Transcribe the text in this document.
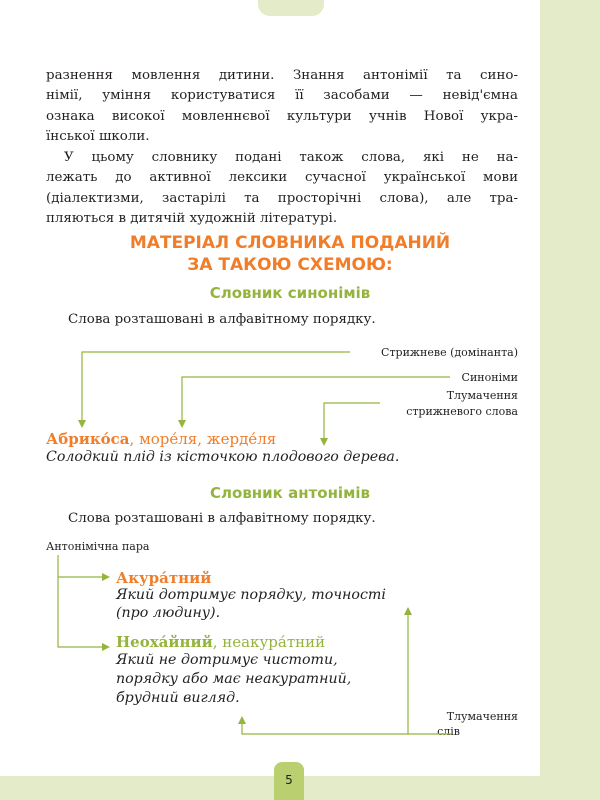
разнення мовлення дитини. Знання антонімії та сино-
німії, уміння користуватися її засобами — невід'ємна
ознака високої мовленнєвої культури учнів Нової укра-
їнської школи.

У цьому словнику подані також слова, які не на-
лежать до активної лексики сучасної української мови
(діалектизми, застарілі та просторічні слова), але тра-
пляються в дитячій художній літературі.

МАТЕРІАЛ СЛОВНИКА ПОДАНИЙ
ЗА ТАКОЮ СХЕМОЮ:
Словник синонімів
Слова розташовані в алфавітному порядку.
Стрижневе (домінанта)
Синоніми
Тлумачення
стрижневого слова
Абрико́са, море́ля, жерде́ля
Солодкий плід із кісточкою плодового дерева.
Словник антонімів
Слова розташовані в алфавітному порядку.
Антонімічна пара
Акура́тний
Який дотримує порядку, точності
(про людину).
Неоха́йний, неакура́тний
Який не дотримує чистоти,
порядку або має неакуратний,
брудний вигляд.
Тлумачення
слів
5
